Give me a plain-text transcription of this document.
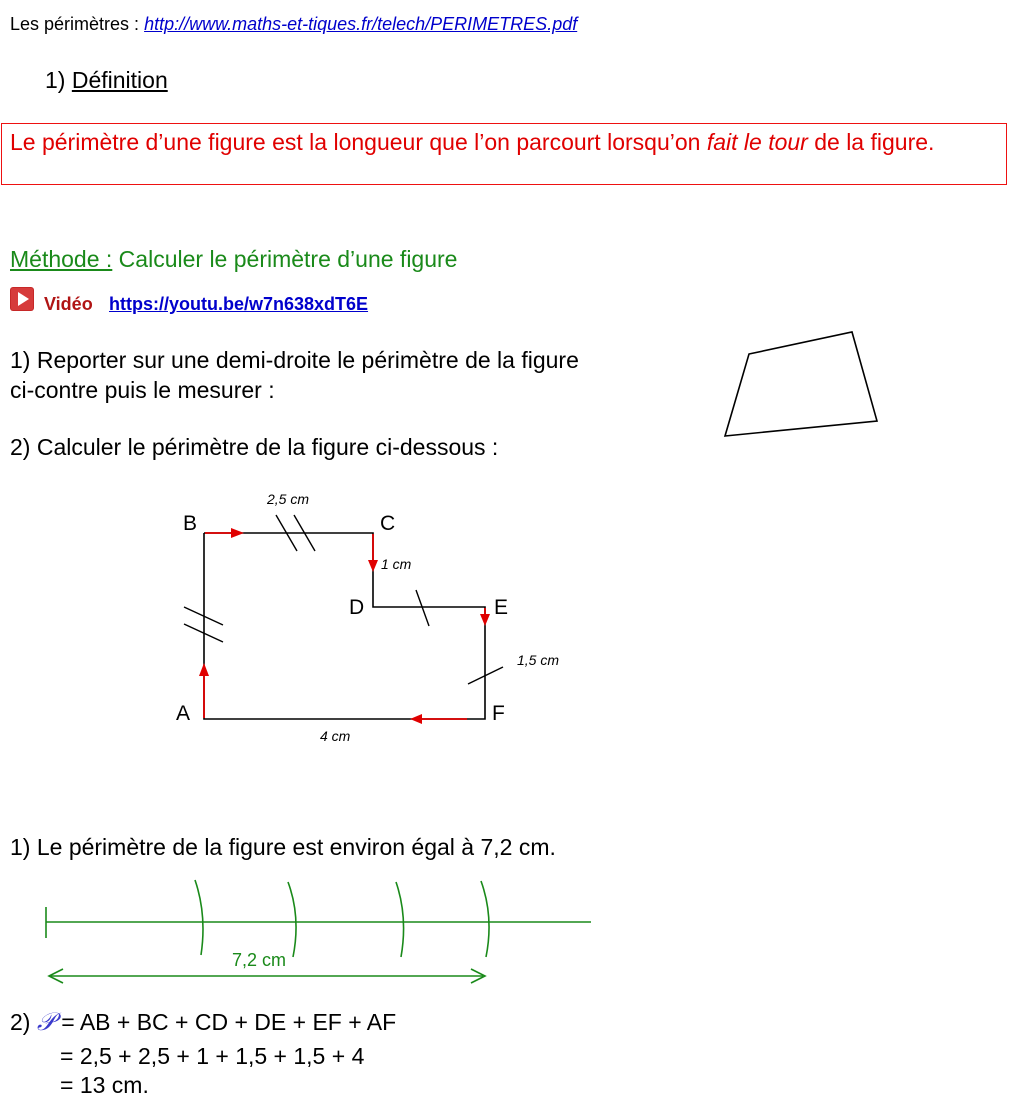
Les périmètres : http://www.maths-et-tiques.fr/telech/PERIMETRES.pdf
1) Définition
Le périmètre d’une figure est la longueur que l’on parcourt lorsqu’on fait le tour de la figure.
Méthode : Calculer le périmètre d’une figure
Vidéo https://youtu.be/w7n638xdT6E
1) Reporter sur une demi-droite le périmètre de la figure
ci-contre puis le mesurer :
2) Calculer le périmètre de la figure ci-dessous :
B	C
D	E
F
A
2,5 cm
1 cm
1,5 cm
4 cm
1) Le périmètre de la figure est environ égal à 7,2 cm.
7,2 cm
2) 𝒫 = AB + BC + CD + DE + EF + AF
= 2,5 + 2,5 + 1 + 1,5 + 1,5 + 4
= 13 cm.
